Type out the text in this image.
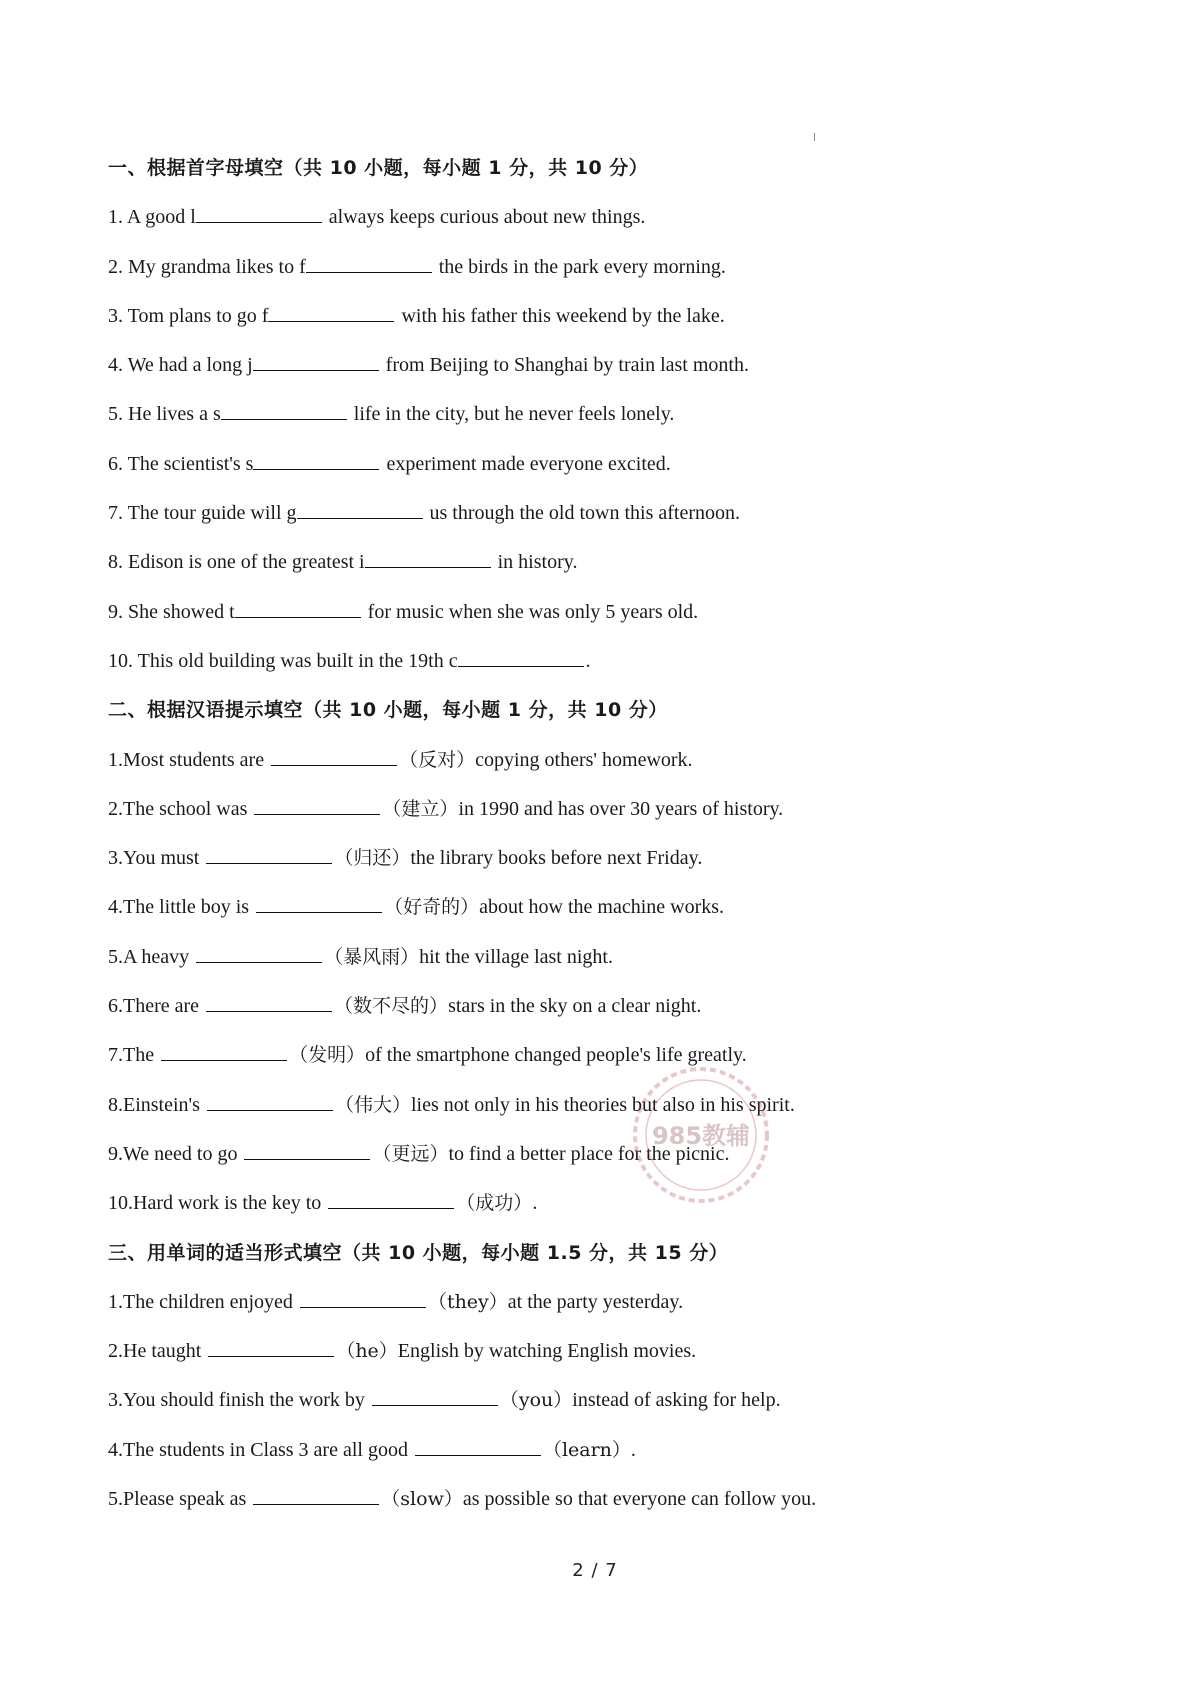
一、根据首字母填空（共 10 小题，每小题 1 分，共 10 分）
1. A good l	always keeps curious about new things.
2. My grandma likes to f	the birds in the park every morning.
3. Tom plans to go f	with his father this weekend by the lake.
4. We had a long j	from Beijing to Shanghai by train last month.
5. He lives a s	life in the city, but he never feels lonely.
6. The scientist's s	experiment made everyone excited.
7. The tour guide will g	us through the old town this afternoon.
8. Edison is one of the greatest i	in history.
9. She showed t	for music when she was only 5 years old.
10. This old building was built in the 19th c	.
二、根据汉语提示填空（共 10 小题，每小题 1 分，共 10 分）
1.Most students are	（反对）copying others' homework.
2.The school was	（建立）in 1990 and has over 30 years of history.
3.You must	（归还）the library books before next Friday.
4.The little boy is	（好奇的）about how the machine works.
5.A heavy	（暴风雨）hit the village last night.
6.There are	（数不尽的）stars in the sky on a clear night.
7.The	（发明）of the smartphone changed people's life greatly.
8.Einstein's	（伟大）lies not only in his theories but also in his spirit.
9.We need to go	（更远）to find a better place for the picnic.
10.Hard work is the key to	（成功）.
三、用单词的适当形式填空（共 10 小题，每小题 1.5 分，共 15 分）
1.The children enjoyed	（they）at the party yesterday.
2.He taught	（he）English by watching English movies.
3.You should finish the work by	（you）instead of asking for help.
4.The students in Class 3 are all good	（learn）.
5.Please speak as	（slow）as possible so that everyone can follow you.
985教辅
2 / 7
